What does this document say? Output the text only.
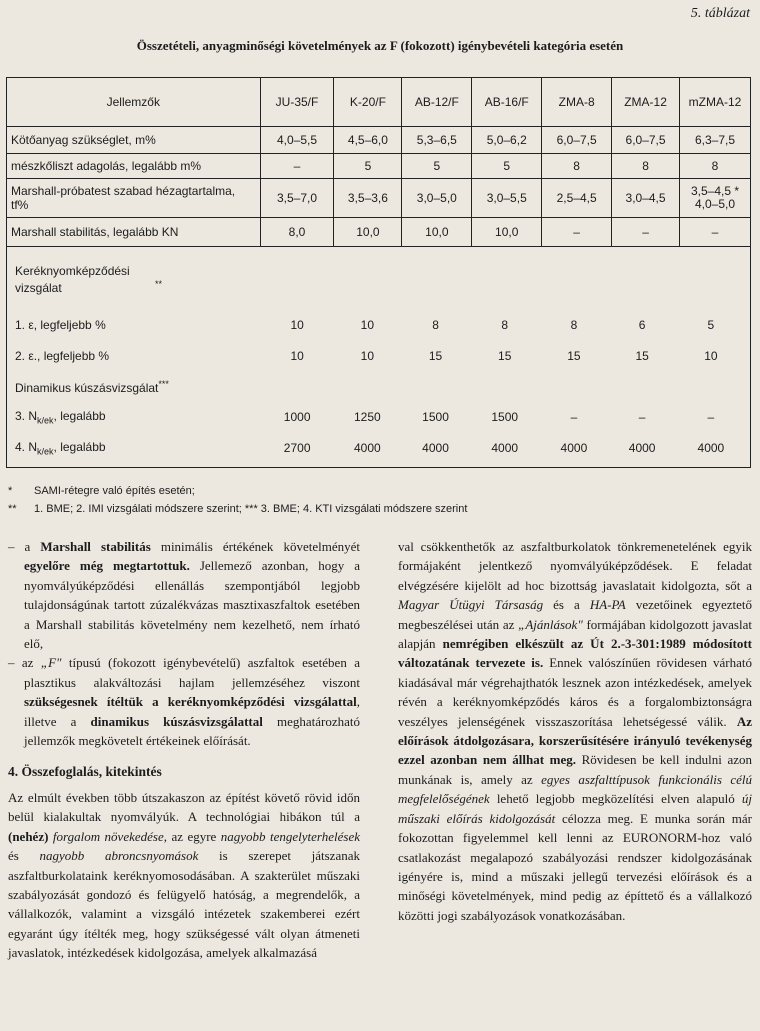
5. táblázat
Összetételi, anyagminőségi követelmények az F (fokozott) igénybevételi kategória esetén
Jellemzők	JU-35/F	K-20/F	AB-12/F	AB-16/F	ZMA-8	ZMA-12	mZMA-12
Kötőanyag szükséglet, m%	4,0–5,5	4,5–6,0	5,3–6,5	5,0–6,2	6,0–7,5	6,0–7,5	6,3–7,5
mészkőliszt adagolás, legalább m%	–	5	5	5	8	8	8
Marshall-próbatest szabad hézagtartalma, tf%	3,5–7,0	3,5–3,6	3,0–5,0	3,0–5,5	2,5–4,5	3,0–4,5	3,5–4,5 *
4,0–5,0
Marshall stabilitás, legalább KN	8,0	10,0	10,0	10,0	–	–	–

Keréknyomképződési vizsgálat	**
1. ε, legfeljebb %	10	10	8	8	8	6	5
2. ε., legfeljebb %	10	10	15	15	15	15	10
Dinamikus kúszásvizsgálat***
3. $N_{k/ek}$, legalább	1000	1250	1500	1500	–	–	–
4. $N_{k/ek}$, legalább	2700	4000	4000	4000	4000	4000	4000
* SAMI-rétegre való építés esetén;
** 1. BME; 2. IMI vizsgálati módszere szerint; *** 3. BME; 4. KTI vizsgálati módszere szerint

– a Marshall stabilitás minimális értékének követelményét egyelőre még megtartottuk. Jellemező azonban, hogy a nyomvályúképződési ellenállás szempontjából legjobb tulajdonságúnak tartott zúzalékvázas masztixaszfaltok esetében a Marshall stabilitás követelmény nem kezelhető, nem írható elő,

– az „F" típusú (fokozott igénybevételű) aszfaltok esetében a plasztikus alakváltozási hajlam jellemzéséhez viszont szükségesnek ítéltük a keréknyomképződési vizsgálattal, illetve a dinamikus kúszásvizsgálattal meghatározható jellemzők megkövetelt értékeinek előírását.

4. Összefoglalás, kitekintés

Az elmúlt években több útszakaszon az építést követő rövid időn belül kialakultak nyomvályúk. A technológiai hibákon túl a (nehéz) forgalom növekedése, az egyre nagyobb tengelyterhelések és nagyobb abroncsnyomások is szerepet játszanak aszfaltburkolataink keréknyomosodásában. A szakterület műszaki szabályozását gondozó és felügyelő hatóság, a megrendelők, a vállalkozók, valamint a vizsgáló intézetek szakemberei ezért egyaránt úgy ítélték meg, hogy szükségessé vált olyan átmeneti javaslatok, intézkedések kidolgozása, amelyek alkalmazásá

val csökkenthetők az aszfaltburkolatok tönkremenetelének egyik formájaként jelentkező nyomvályúképződések. E feladat elvégzésére kijelölt ad hoc bizottság javaslatait kidolgozta, sőt a Magyar Útügyi Társaság és a HA-PA vezetőinek egyeztető megbeszélései után az „Ajánlások" formájában kidolgozott javaslat alapján nemrégiben elkészült az Út 2.-3-301:1989 módosított változatának tervezete is. Ennek valószínűen rövidesen várható kiadásával már végrehajthatók lesznek azon intézkedések, amelyek révén a keréknyomképződés káros és a forgalombiztonságra veszélyes jelenségének visszaszorítása lehetségessé válik. Az előírások átdolgozásara, korszerűsítésére irányuló tevékenység ezzel azonban nem állhat meg. Rövidesen be kell indulni azon munkának is, amely az egyes aszfalttípusok funkcionális célú megfelelőségének lehető legjobb megközelítési elven alapuló új műszaki előírás kidolgozását célozza meg. E munka során már fokozottan figyelemmel kell lenni az EURONORM-hoz való csatlakozást megalapozó szabályozási rendszer kidolgozásának igényére is, mind a műszaki jellegű tervezési előírások és a minőségi követelmények, mind pedig az építtető és a vállalkozó közötti jogi szabályozások vonatkozásában.
